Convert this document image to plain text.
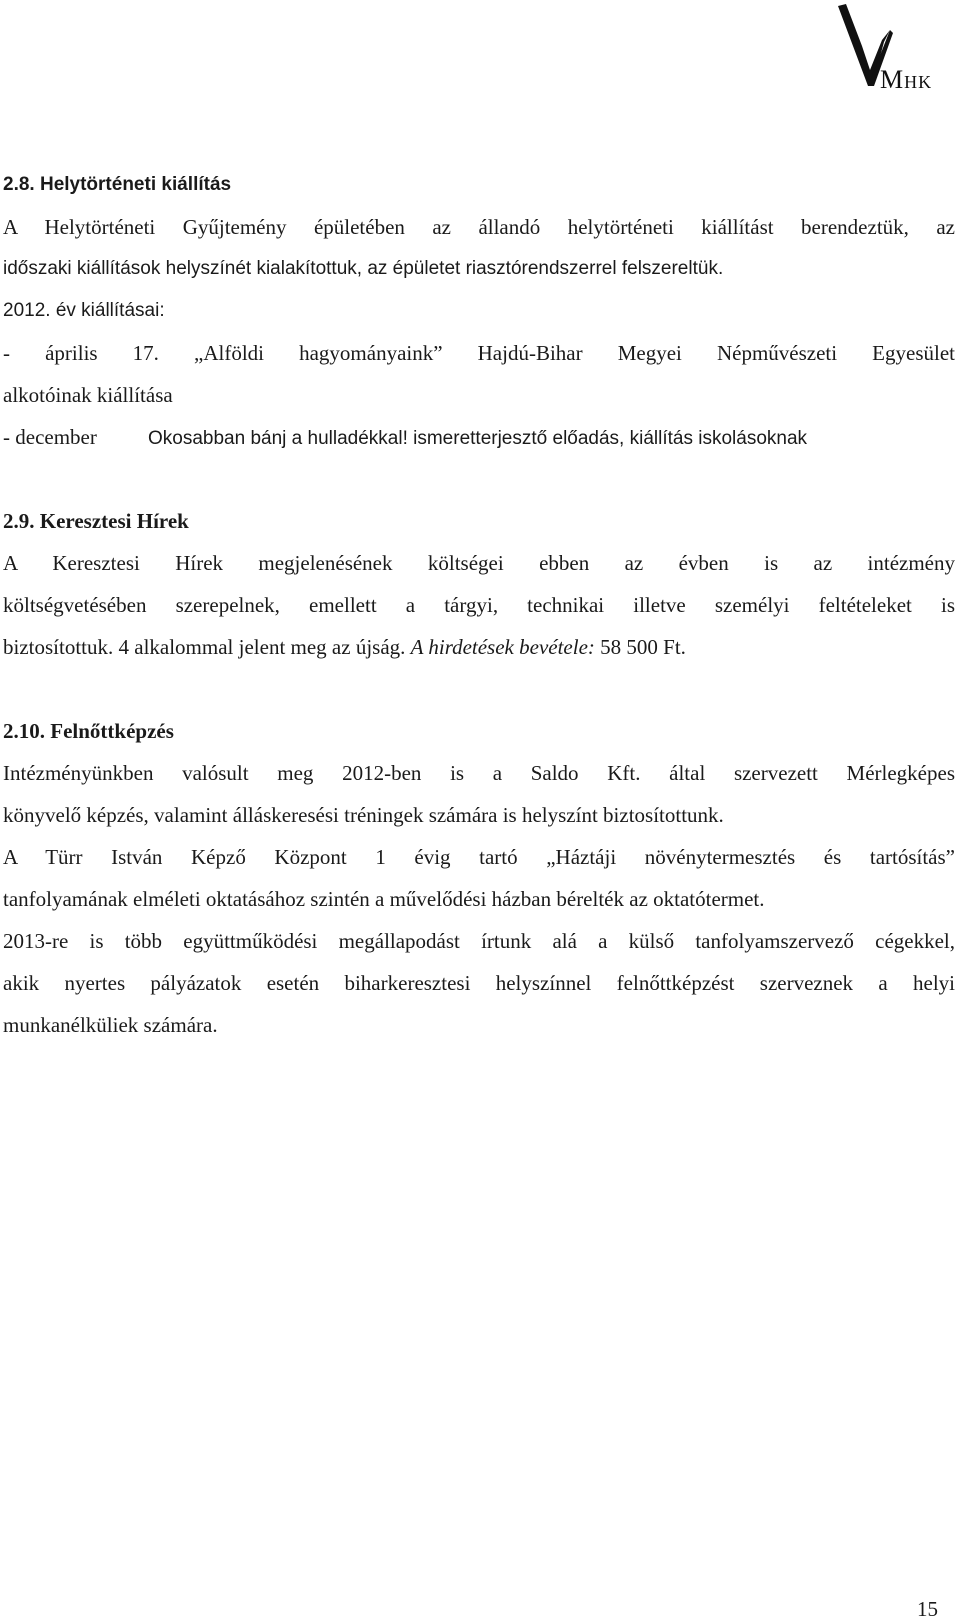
MHK
2.8. Helytörténeti kiállítás
A Helytörténeti Gyűjtemény épületében az állandó helytörténeti kiállítást berendeztük, az
időszaki kiállítások helyszínét kialakítottuk, az épületet riasztórendszerrel felszereltük.
2012. év kiállításai:
- április 17. „Alföldi hagyományaink” Hajdú-Bihar Megyei Népművészeti Egyesület
alkotóinak kiállítása
- december	Okosabban bánj a hulladékkal! ismeretterjesztő előadás, kiállítás iskolásoknak
2.9. Keresztesi Hírek
A Keresztesi Hírek megjelenésének költségei ebben az évben is az intézmény
költségvetésében szerepelnek, emellett a tárgyi, technikai illetve személyi feltételeket is
biztosítottuk. 4 alkalommal jelent meg az újság. A hirdetések bevétele: 58 500 Ft.
2.10. Felnőttképzés
Intézményünkben valósult meg 2012-ben is a Saldo Kft. által szervezett Mérlegképes
könyvelő képzés, valamint álláskeresési tréningek számára is helyszínt biztosítottunk.
A Türr István Képző Központ 1 évig tartó „Háztáji növénytermesztés és tartósítás”
tanfolyamának elméleti oktatásához szintén a művelődési házban bérelték az oktatótermet.
2013-re is több együttműködési megállapodást írtunk alá a külső tanfolyamszervező cégekkel,
akik nyertes pályázatok esetén biharkeresztesi helyszínnel felnőttképzést szerveznek a helyi
munkanélküliek számára.
15
